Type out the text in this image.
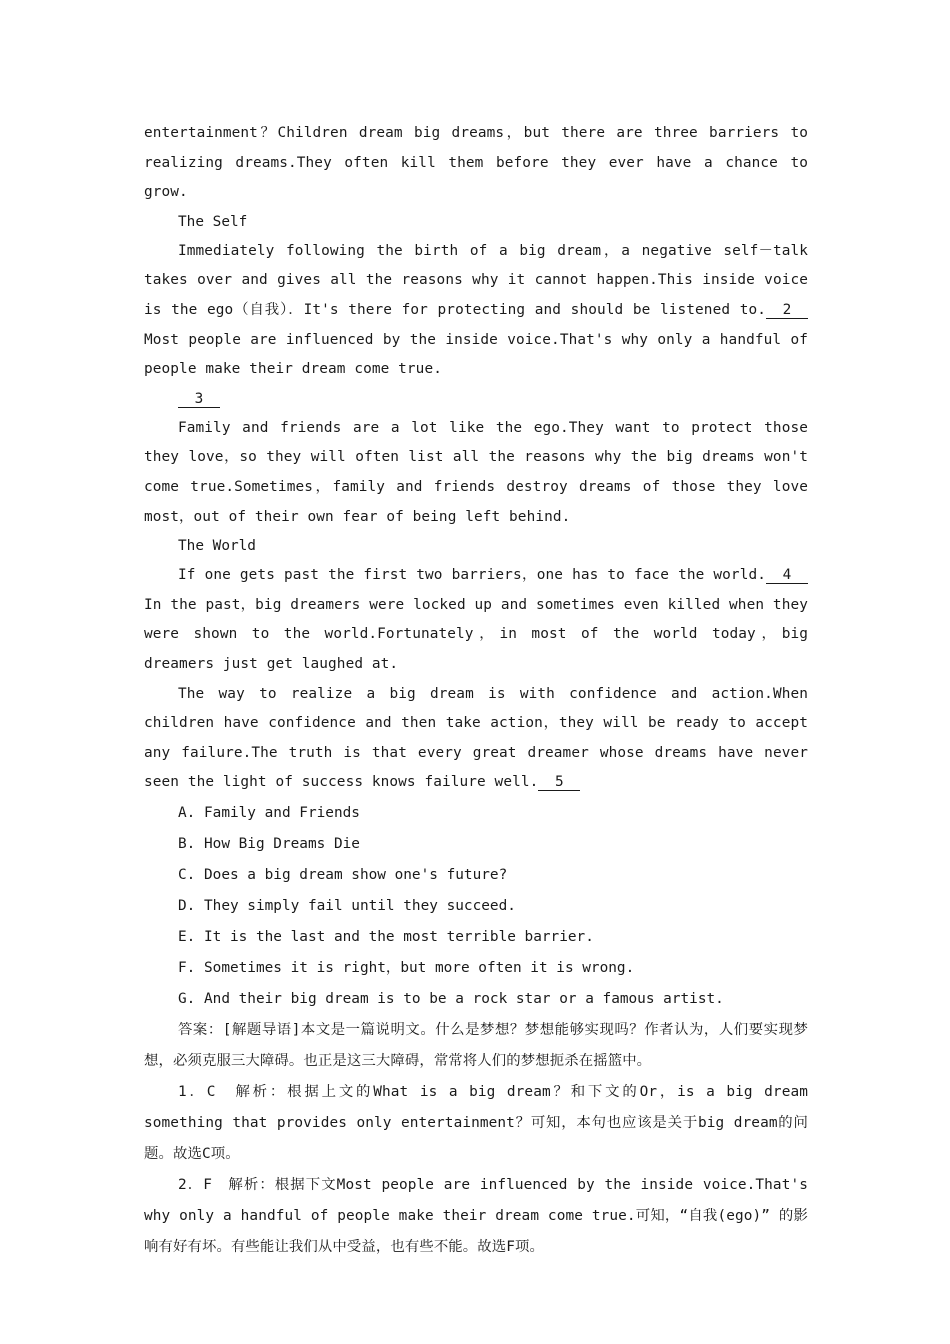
entertainment？Children dream big dreams，but there are three barriers to realizing dreams.They often kill them before they ever have a chance to grow.

The Self

Immediately following the birth of a big dream，a negative self－talk takes over and gives all the reasons why it cannot happen.This inside voice is the ego（自我）．It's there for protecting and should be listened to. 2Most people are influenced by the inside voice.That's why only a handful of people make their dream come true.

3

Family and friends are a lot like the ego.They want to protect those they love，so they will often list all the reasons why the big dreams won't come true.Sometimes，family and friends destroy dreams of those they love most，out of their own fear of being left behind.

The World

If one gets past the first two barriers，one has to face the world. 4In the past，big dreamers were locked up and sometimes even killed when they were shown to the world.Fortunately，in most of the world today，big dreamers just get laughed at.

The way to realize a big dream is with confidence and action.When children have confidence and then take action，they will be ready to accept any failure.The truth is that every great dreamer whose dreams have never seen the light of success knows failure well. 5

A. Family and Friends
B. How Big Dreams Die
C. Does a big dream show one's future?
D. They simply fail until they succeed.
E. It is the last and the most terrible barrier.
F. Sometimes it is right，but more often it is wrong.
G. And their big dream is to be a rock star or a famous artist.

答案：[解题导语]本文是一篇说明文。什么是梦想？梦想能够实现吗？作者认为，人们要实现梦想，必须克服三大障碍。也正是这三大障碍，常常将人们的梦想扼杀在摇篮中。

1．C　解析：根据上文的What is a big dream？和下文的Or，is a big dream something that provides only entertainment？可知，本句也应该是关于big dream的问题。故选C项。

2．F　解析：根据下文Most people are influenced by the inside voice.That's why only a handful of people make their dream come true.可知，“自我(ego)” 的影响有好有坏。有些能让我们从中受益，也有些不能。故选F项。
